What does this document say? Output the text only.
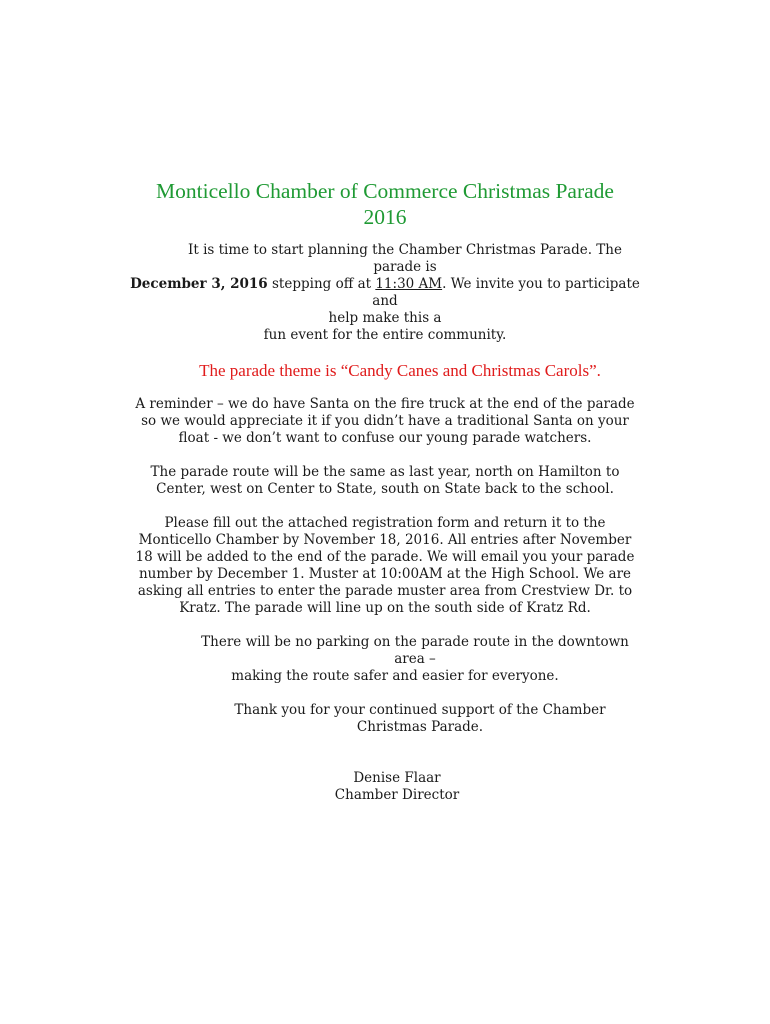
Monticello Chamber of Commerce Christmas Parade
2016

It is time to start planning the Chamber Christmas Parade. The parade is
December 3, 2016 stepping off at 11:30 AM. We invite you to participate and
help make this a
fun event for the entire community.

The parade theme is “Candy Canes and Christmas Carols”.

A reminder – we do have Santa on the fire truck at the end of the parade so we would appreciate it if you didn’t have a traditional Santa on your float - we don’t want to confuse our young parade watchers.

The parade route will be the same as last year, north on Hamilton to Center, west on Center to State, south on State back to the school.

Please fill out the attached registration form and return it to the Monticello Chamber by November 18, 2016. All entries after November 18 will be added to the end of the parade. We will email you your parade number by December 1. Muster at 10:00AM at the High School. We are asking all entries to enter the parade muster area from Crestview Dr. to Kratz. The parade will line up on the south side of Kratz Rd.

There will be no parking on the parade route in the downtown area –
making the route safer and easier for everyone.

Thank you for your continued support of the Chamber Christmas Parade.

Denise Flaar
Chamber Director
